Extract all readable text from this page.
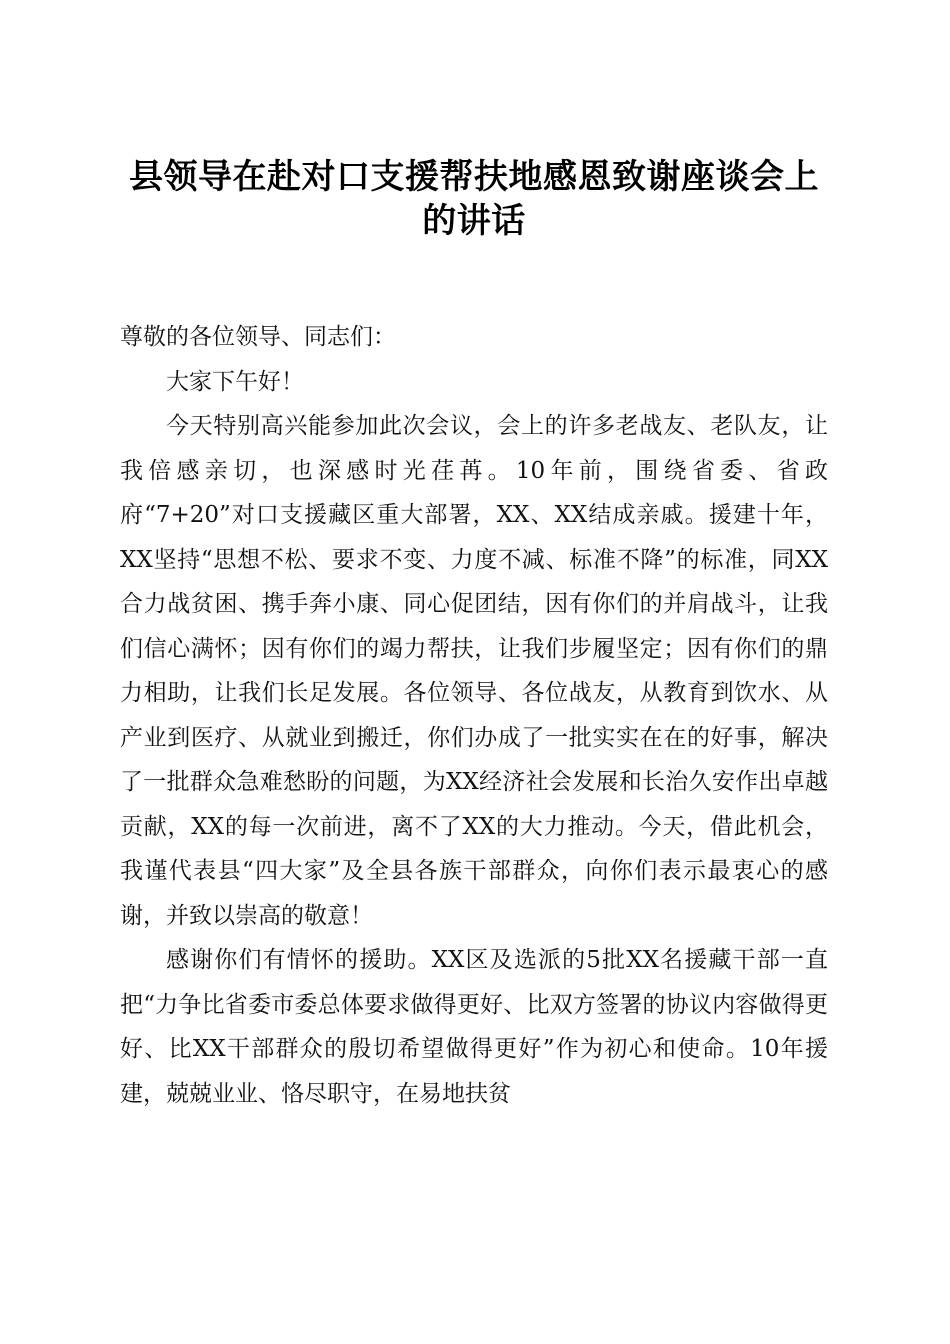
县领导在赴对口支援帮扶地感恩致谢座谈会上
的讲话

尊敬的各位领导、同志们：

大家下午好！

今天特别高兴能参加此次会议，会上的许多老战友、老队友，让我倍感亲切，也深感时光荏苒。10年前，围绕省委、省政府“7+20”对口支援藏区重大部署，XX、XX结成亲戚。援建十年，XX坚持“思想不松、要求不变、力度不减、标准不降”的标准，同XX合力战贫困、携手奔小康、同心促团结，因有你们的并肩战斗，让我们信心满怀；因有你们的竭力帮扶，让我们步履坚定；因有你们的鼎力相助，让我们长足发展。各位领导、各位战友，从教育到饮水、从产业到医疗、从就业到搬迁，你们办成了一批实实在在的好事，解决了一批群众急难愁盼的问题，为XX经济社会发展和长治久安作出卓越贡献，XX的每一次前进，离不了XX的大力推动。今天，借此机会，我谨代表县“四大家”及全县各族干部群众，向你们表示最衷心的感谢，并致以崇高的敬意！

感谢你们有情怀的援助。XX区及选派的5批XX名援藏干部一直把“力争比省委市委总体要求做得更好、比双方签署的协议内容做得更好、比XX干部群众的殷切希望做得更好”作为初心和使命。10年援建，兢兢业业、恪尽职守，在易地扶贫
